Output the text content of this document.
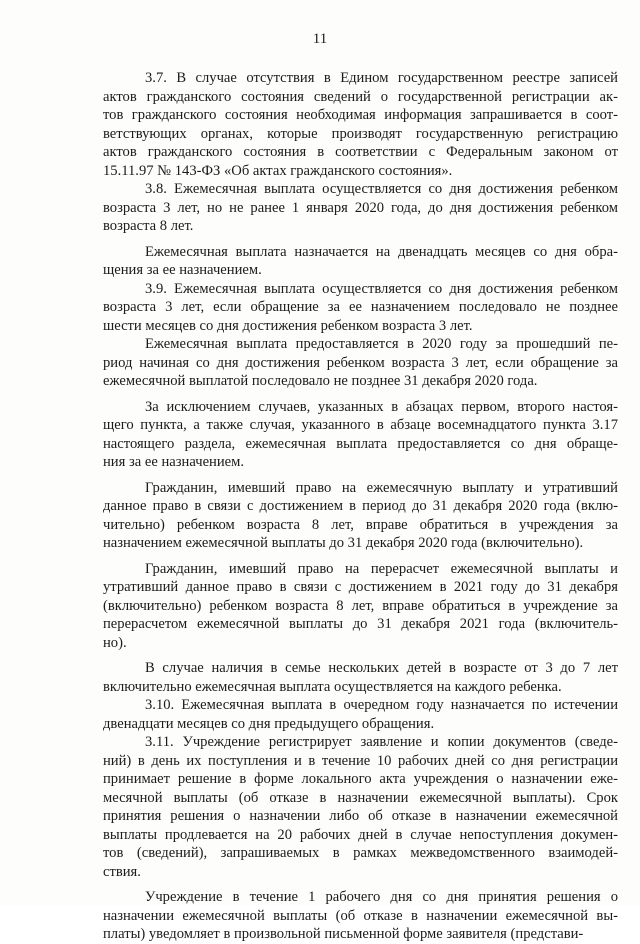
11
3.7. В случае отсутствия в Едином государственном реестре записей
актов гражданского состояния сведений о государственной регистрации ак-
тов гражданского состояния необходимая информация запрашивается в соот-
ветствующих органах, которые производят государственную регистрацию
актов гражданского состояния в соответствии с Федеральным законом от
15.11.97 № 143-ФЗ «Об актах гражданского состояния».
3.8. Ежемесячная выплата осуществляется со дня достижения ребенком
возраста 3 лет, но не ранее 1 января 2020 года, до дня достижения ребенком
возраста 8 лет.
Ежемесячная выплата назначается на двенадцать месяцев со дня обра-
щения за ее назначением.
3.9. Ежемесячная выплата осуществляется со дня достижения ребенком
возраста 3 лет, если обращение за ее назначением последовало не позднее
шести месяцев со дня достижения ребенком возраста 3 лет.
Ежемесячная выплата предоставляется в 2020 году за прошедший пе-
риод начиная со дня достижения ребенком возраста 3 лет, если обращение за
ежемесячной выплатой последовало не позднее 31 декабря 2020 года.
За исключением случаев, указанных в абзацах первом, второго настоя-
щего пункта, а также случая, указанного в абзаце восемнадцатого пункта 3.17
настоящего раздела, ежемесячная выплата предоставляется со дня обраще-
ния за ее назначением.
Гражданин, имевший право на ежемесячную выплату и утративший
данное право в связи с достижением в период до 31 декабря 2020 года (вклю-
чительно) ребенком возраста 8 лет, вправе обратиться в учреждения за
назначением ежемесячной выплаты до 31 декабря 2020 года (включительно).
Гражданин, имевший право на перерасчет ежемесячной выплаты и
утративший данное право в связи с достижением в 2021 году до 31 декабря
(включительно) ребенком возраста 8 лет, вправе обратиться в учреждение за
перерасчетом ежемесячной выплаты до 31 декабря 2021 года (включитель-
но).
В случае наличия в семье нескольких детей в возрасте от 3 до 7 лет
включительно ежемесячная выплата осуществляется на каждого ребенка.
3.10. Ежемесячная выплата в очередном году назначается по истечении
двенадцати месяцев со дня предыдущего обращения.
3.11. Учреждение регистрирует заявление и копии документов (сведе-
ний) в день их поступления и в течение 10 рабочих дней со дня регистрации
принимает решение в форме локального акта учреждения о назначении еже-
месячной выплаты (об отказе в назначении ежемесячной выплаты). Срок
принятия решения о назначении либо об отказе в назначении ежемесячной
выплаты продлевается на 20 рабочих дней в случае непоступления докумен-
тов (сведений), запрашиваемых в рамках межведомственного взаимодей-
ствия.
Учреждение в течение 1 рабочего дня со дня принятия решения о
назначении ежемесячной выплаты (об отказе в назначении ежемесячной вы-
платы) уведомляет в произвольной письменной форме заявителя (представи-
